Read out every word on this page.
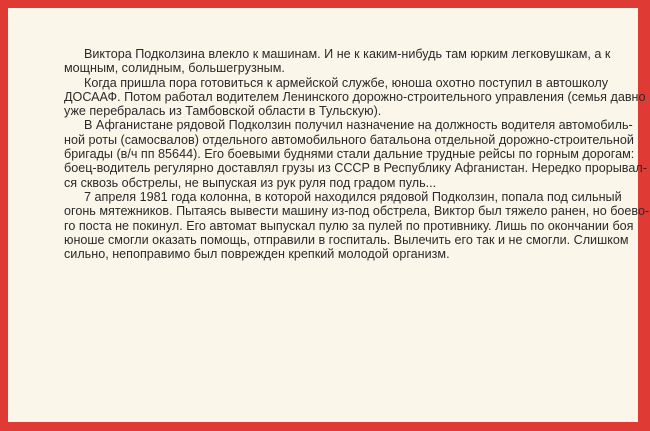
Виктора Подколзина влекло к машинам. И не к каким-нибудь там юрким легковушкам, а к
мощным, солидным, большегрузным.

Когда пришла пора готовиться к армейской службе, юноша охотно поступил в автошколу
ДОСААФ. Потом работал водителем Ленинского дорожно-строительного управления (семья давно
уже перебралась из Тамбовской области в Тульскую).

В Афганистане рядовой Подколзин получил назначение на должность водителя автомобиль-
ной роты (самосвалов) отдельного автомобильного батальона отдельной дорожно-строительной
бригады (в/ч пп 85644). Его боевыми буднями стали дальние трудные рейсы по горным дорогам:
боец-водитель регулярно доставлял грузы из СССР в Республику Афганистан. Нередко прорывал-
ся сквозь обстрелы, не выпуская из рук руля под градом пуль...

7 апреля 1981 года колонна, в которой находился рядовой Подколзин, попала под сильный
огонь мятежников. Пытаясь вывести машину из-под обстрела, Виктор был тяжело ранен, но боево-
го поста не покинул. Его автомат выпускал пулю за пулей по противнику. Лишь по окончании боя
юноше смогли оказать помощь, отправили в госпиталь. Вылечить его так и не смогли. Слишком
сильно, непоправимо был поврежден крепкий молодой организм.
